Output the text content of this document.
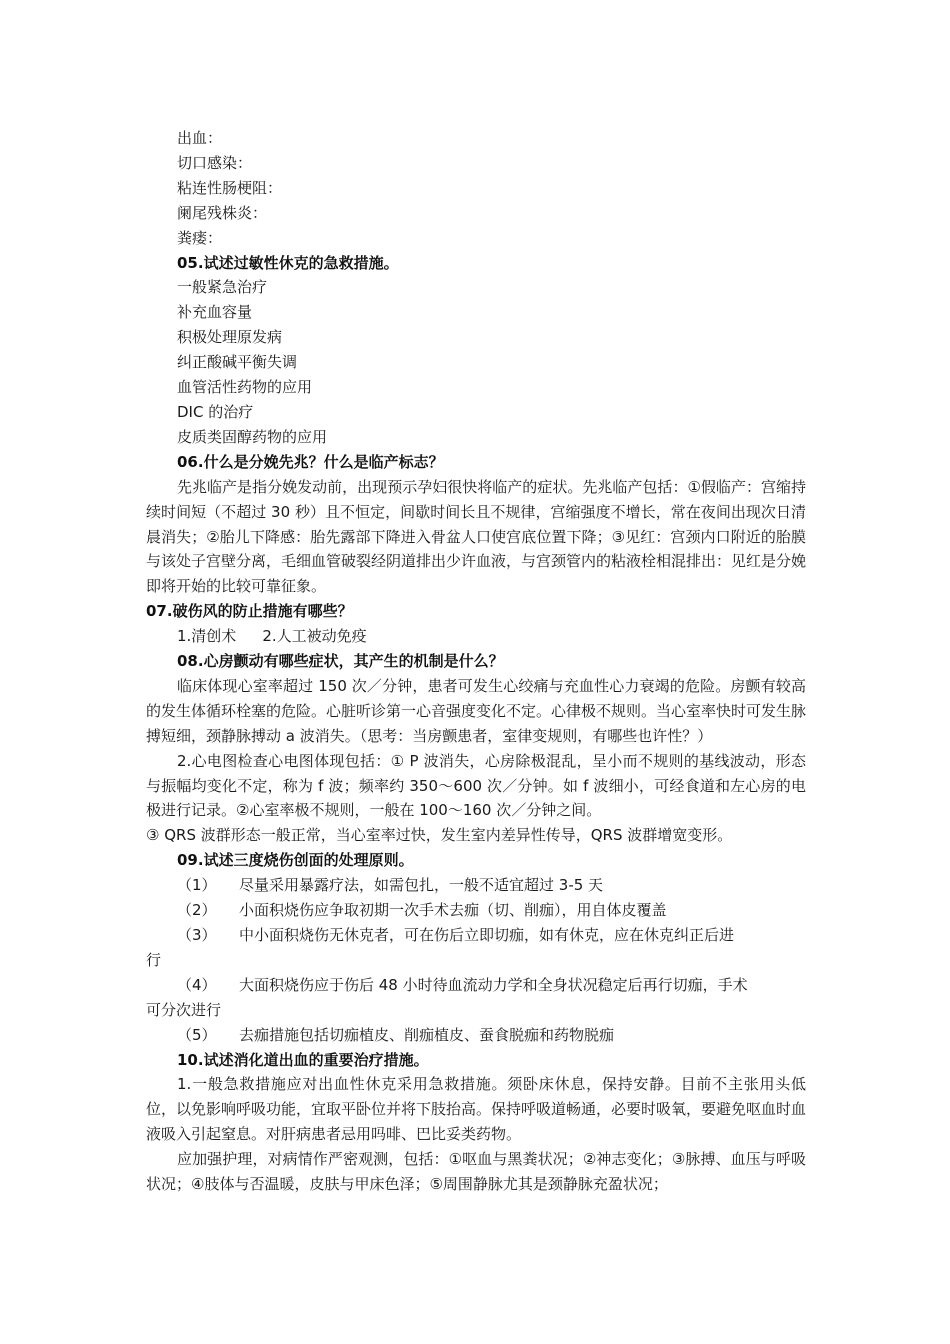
出血：
切口感染：
粘连性肠梗阻：
阑尾残株炎：
粪瘘：
05.试述过敏性休克的急救措施。
一般紧急治疗
补充血容量
积极处理原发病
纠正酸碱平衡失调
血管活性药物的应用
DIC 的治疗
皮质类固醇药物的应用
06.什么是分娩先兆？什么是临产标志？
先兆临产是指分娩发动前，出现预示孕妇很快将临产的症状。先兆临产包括：①假临产：宫缩持续时间短（不超过 30 秒）且不恒定，间歇时间长且不规律，宫缩强度不增长，常在夜间出现次日清晨消失；②胎儿下降感：胎先露部下降进入骨盆人口使宫底位置下降；③见红：宫颈内口附近的胎膜与该处子宫壁分离，毛细血管破裂经阴道排出少许血液，与宫颈管内的粘液栓相混排出：见红是分娩即将开始的比较可靠征象。
07.破伤风的防止措施有哪些？
1.清创术 2.人工被动免疫
08.心房颤动有哪些症状，其产生的机制是什么？
临床体现心室率超过 150 次／分钟，患者可发生心绞痛与充血性心力衰竭的危险。房颤有较高的发生体循环栓塞的危险。心脏听诊第一心音强度变化不定。心律极不规则。当心室率快时可发生脉搏短细，颈静脉搏动 a 波消失。（思考：当房颤患者，室律变规则，有哪些也许性？）
2.心电图检查心电图体现包括：① P 波消失，心房除极混乱，呈小而不规则的基线波动，形态与振幅均变化不定，称为 f 波；频率约 350～600 次／分钟。如 f 波细小，可经食道和左心房的电极进行记录。②心室率极不规则，一般在 100～160 次／分钟之间。
③ QRS 波群形态一般正常，当心室率过快，发生室内差异性传导，QRS 波群增宽变形。
09.试述三度烧伤创面的处理原则。
（1） 尽量采用暴露疗法，如需包扎，一般不适宜超过 3-5 天
（2） 小面积烧伤应争取初期一次手术去痂（切、削痂），用自体皮覆盖
（3） 中小面积烧伤无休克者，可在伤后立即切痂，如有休克，应在休克纠正后进
行
（4） 大面积烧伤应于伤后 48 小时待血流动力学和全身状况稳定后再行切痂，手术
可分次进行
（5） 去痂措施包括切痂植皮、削痂植皮、蚕食脱痂和药物脱痂
10.试述消化道出血的重要治疗措施。
1.一般急救措施应对出血性休克采用急救措施。须卧床休息，保持安静。目前不主张用头低位，以免影响呼吸功能，宜取平卧位并将下肢抬高。保持呼吸道畅通，必要时吸氧，要避免呕血时血液吸入引起窒息。对肝病患者忌用吗啡、巴比妥类药物。
应加强护理，对病情作严密观测，包括：①呕血与黑粪状况；②神志变化；③脉搏、血压与呼吸状况；④肢体与否温暖，皮肤与甲床色泽；⑤周围静脉尤其是颈静脉充盈状况；
